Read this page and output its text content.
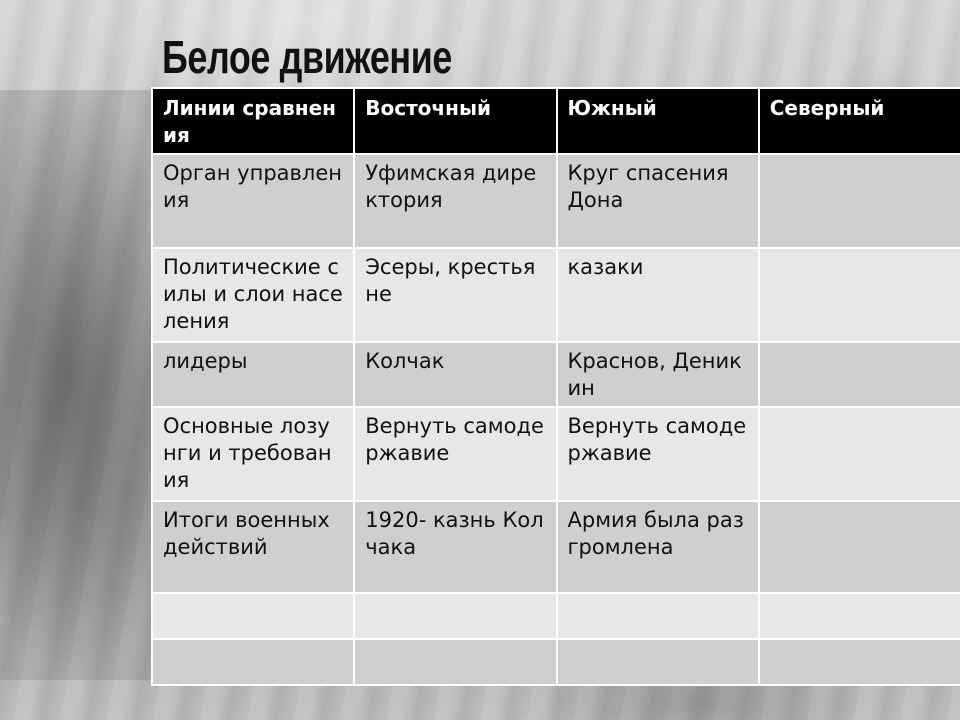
Белое движение
Линии сравнения	Восточный	Южный	Северный
Орган управления	Уфимская директория	Круг спасения Дона	
Политические силы и слои населения	Эсеры, крестьяне	казаки	
лидеры	Колчак	Краснов, Деникин	
Основные лозунги и требования	Вернуть самодержавие	Вернуть самодержавие	
Итоги военных действий	1920- казнь Колчака	Армия была разгромлена	
